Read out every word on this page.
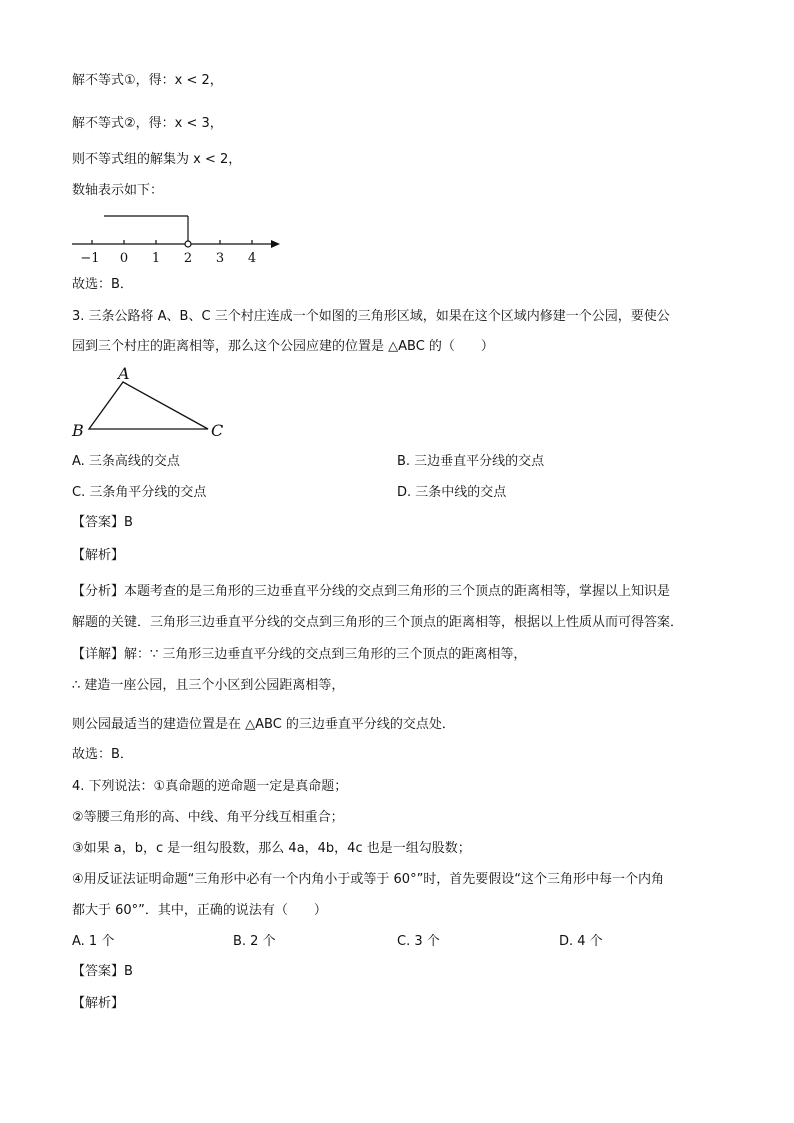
解不等式①，得：x < 2，
解不等式②，得：x < 3，
则不等式组的解集为 x < 2，
数轴表示如下：
−1 0 1 2 3 4
故选：B．
3. 三条公路将 A、B、C 三个村庄连成一个如图的三角形区域，如果在这个区域内修建一个公园，要使公
园到三个村庄的距离相等，那么这个公园应建的位置是 △ABC 的（　　）
A
B	C
A. 三条高线的交点	B. 三边垂直平分线的交点
C. 三条角平分线的交点	D. 三条中线的交点
【答案】B
【解析】
【分析】本题考查的是三角形的三边垂直平分线的交点到三角形的三个顶点的距离相等，掌握以上知识是
解题的关键．三角形三边垂直平分线的交点到三角形的三个顶点的距离相等，根据以上性质从而可得答案．
【详解】解：∵ 三角形三边垂直平分线的交点到三角形的三个顶点的距离相等，
∴ 建造一座公园，且三个小区到公园距离相等，
则公园最适当的建造位置是在 △ABC 的三边垂直平分线的交点处．
故选：B．
4. 下列说法：①真命题的逆命题一定是真命题；
②等腰三角形的高、中线、角平分线互相重合；
③如果 a，b，c 是一组勾股数，那么 4a，4b，4c 也是一组勾股数；
④用反证法证明命题“三角形中必有一个内角小于或等于 60°”时，首先要假设“这个三角形中每一个内角
都大于 60°”．其中，正确的说法有（　　）
A. 1 个	B. 2 个	C. 3 个	D. 4 个
【答案】B
【解析】
